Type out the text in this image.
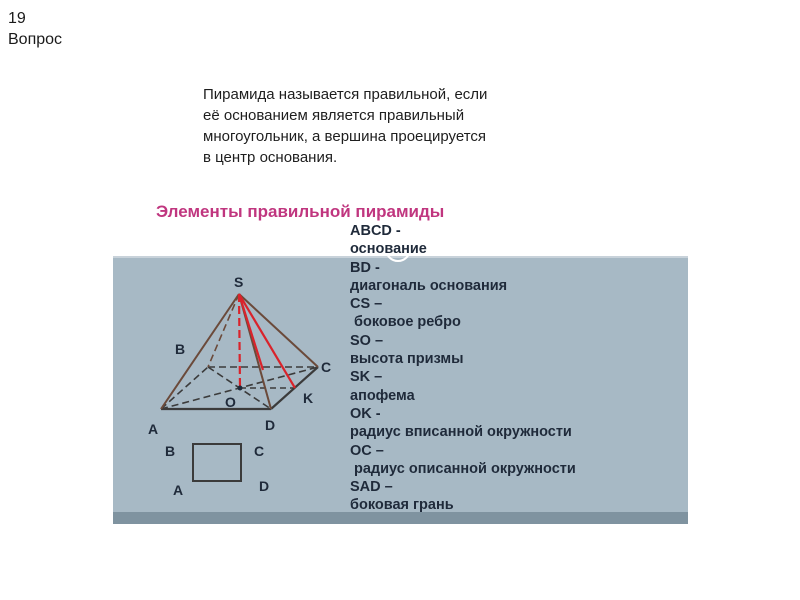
19
Вопрос
Пирамида называется правильной, если
её основанием является правильный
многоугольник, а вершина проецируется
в центр основания.
Элементы правильной пирамиды
S
B
C
O	K
A	D
B	C
A	D
ABCD -
основание
BD -
диагональ основания
CS –
боковое ребро
SO –
высота призмы
SK –
апофема
OK -
радиус вписанной окружности
OC –
радиус описанной окружности
SAD –
боковая грань
